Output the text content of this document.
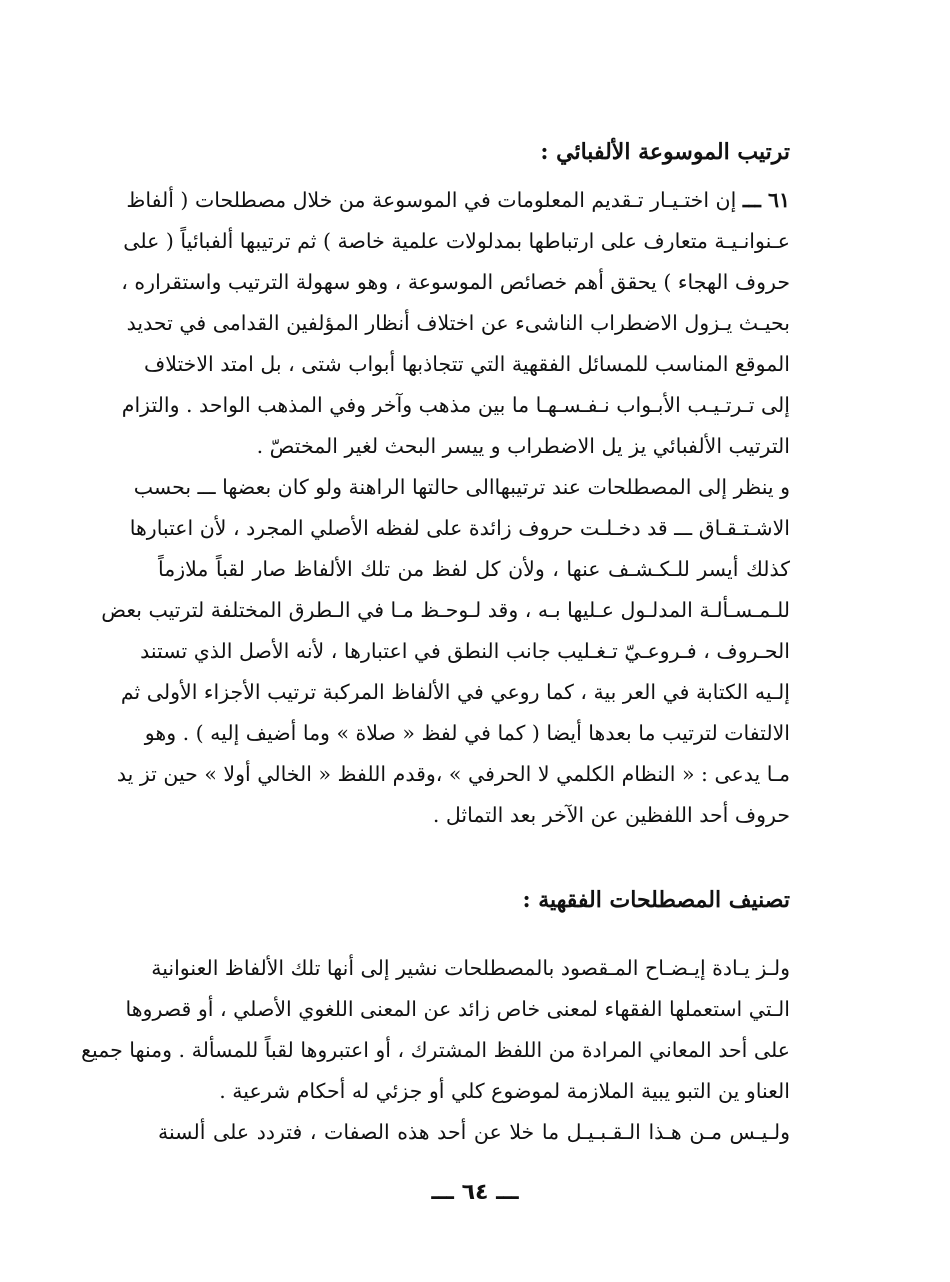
ترتيب الموسوعة الألفبائي :
٦١ ـــ إن اختـيـار تـقديم المعلومات في الموسوعة من خلال مصطلحات ( ألفاظ
عـنوانـيـة متعارف على ارتباطها بمدلولات علمية خاصة ) ثم ترتيبها ألفبائياً ( على
حروف الهجاء ) يحقق أهم خصائص الموسوعة ، وهو سهولة الترتيب واستقراره ،
بحيـث يـزول الاضطراب الناشىء عن اختلاف أنظار المؤلفين القدامى في تحديد
الموقع المناسب للمسائل الفقهية التي تتجاذبها أبواب شتى ، بل امتد الاختلاف
إلى تـرتـيـب الأبـواب نـفـسـهـا ما بين مذهب وآخر وفي المذهب الواحد . والتزام
الترتيب الألفبائي يز يل الاضطراب و ييسر البحث لغير المختصّ .
و ينظر إلى المصطلحات عند ترتيبهاالى حالتها الراهنة ولو كان بعضها ـــ بحسب
الاشـتـقـاق ـــ قد دخـلـت حروف زائدة على لفظه الأصلي المجرد ، لأن اعتبارها
كذلك أيسر للـكـشـف عنها ، ولأن كل لفظ من تلك الألفاظ صار لقباً ملازماً
للـمـسـألـة المدلـول عـليها بـه ، وقد لـوحـظ مـا في الـطرق المختلفة لترتيب بعض
الحـروف ، فـروعـيّ تـغـليب جانب النطق في اعتبارها ، لأنه الأصل الذي تستند
إلـيه الكتابة في العر بية ، كما روعي في الألفاظ المركبة ترتيب الأجزاء الأولى ثم
الالتفات لترتيب ما بعدها أيضا ( كما في لفظ « صلاة » وما أضيف إليه ) . وهو
مـا يدعى : « النظام الكلمي لا الحرفي » ،وقدم اللفظ « الخالي أولا » حين تز يد
حروف أحد اللفظين عن الآخر بعد التماثل .
تصنيف المصطلحات الفقهية :
ولـز يـادة إيـضـاح المـقصود بالمصطلحات نشير إلى أنها تلك الألفاظ العنوانية
الـتي استعملها الفقهاء لمعنى خاص زائد عن المعنى اللغوي الأصلي ، أو قصروها
على أحد المعاني المرادة من اللفظ المشترك ، أو اعتبروها لقباً للمسألة . ومنها جميع
العناو ين التبو يبية الملازمة لموضوع كلي أو جزئي له أحكام شرعية .
ولـيـس مـن هـذا الـقـبـيـل ما خلا عن أحد هذه الصفات ، فتردد على ألسنة
ـــ ٦٤ ـــ
